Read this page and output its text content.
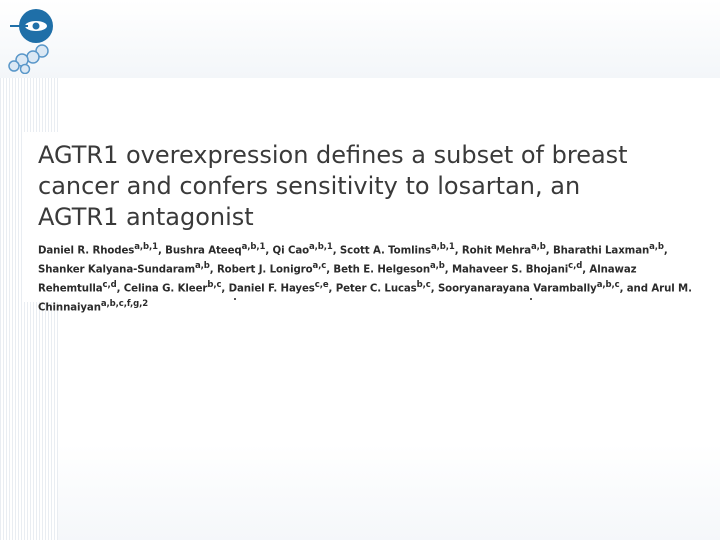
AGTR1 overexpression defines a subset of breast
cancer and confers sensitivity to losartan, an
AGTR1 antagonist

Daniel R. Rhodes$^{a,b,1}$, Bushra Ateeq$^{a,b,1}$, Qi Cao$^{a,b,1}$, Scott A. Tomlins$^{a,b,1}$, Rohit Mehra$^{a,b}$, Bharathi Laxman$^{a,b}$, Shanker Kalyana-Sundaram$^{a,b}$, Robert J. Lonigro$^{a,c}$, Beth E. Helgeson$^{a,b}$, Mahaveer S. Bhojani$^{c,d}$, Alnawaz Rehemtulla$^{c,d}$, Celina G. Kleer$^{b,c}$, Daniel F. Hayes$^{c,e}$, Peter C. Lucas$^{b,c}$, Sooryanarayana Varambally$^{a,b,c}$, and Arul M. Chinnaiyan$^{a,b,c,f,g,2}$
